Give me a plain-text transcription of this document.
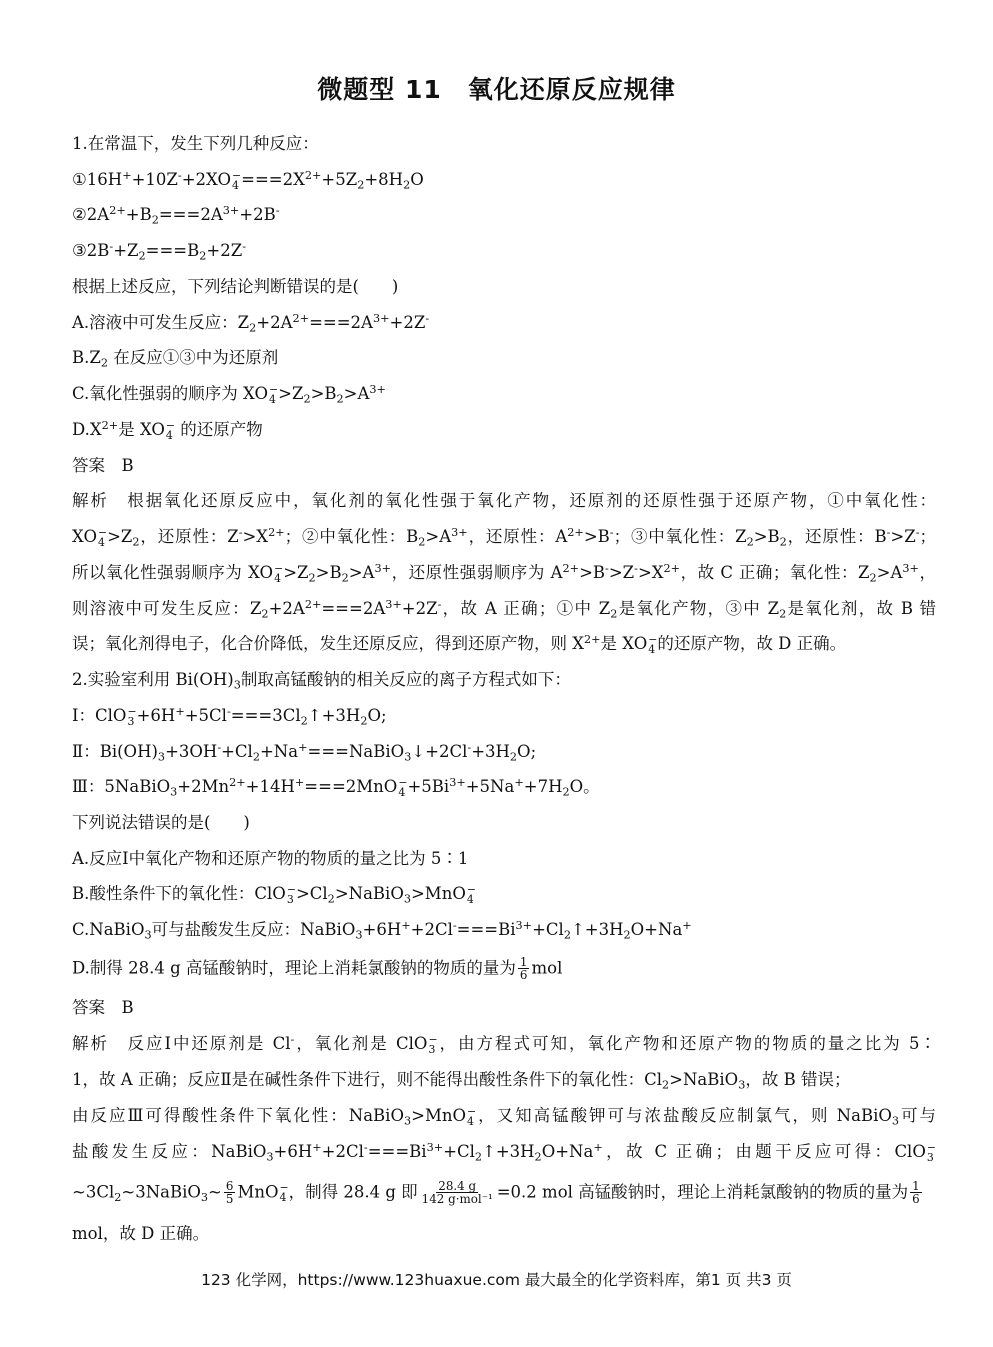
微题型 11　氧化还原反应规律
1.在常温下，发生下列几种反应：
①16H++10Z-+2XO −
$4 ===2X^{2+}+5Z_2+8H_2O$
$②2A^{2+}+B_2===2A^{3+}+2B^-$
$③2B^-+Z_2===B_2+2Z^-$
根据上述反应，下列结论判断错误的是(　　)
A.溶液中可发生反应：$Z_2+2A^{2+}===2A^{3+}+2Z^-$
$B.Z_2$ 在反应①③中为还原剂
C.氧化性强弱的顺序为 XO −
$4 >Z_2>B_2>A^{3+}$
$D.X^{2+}$是 XO −
4 的还原产物
答案　B
解析　根据氧化还原反应中，氧化剂的氧化性强于氧化产物，还原剂的还原性强于还原产物，①中氧化性：
XO −
$4 >Z_2$，还原性：$Z^->X^{2+}$；②中氧化性：$B_2>A^{3+}$，还原性：$A^{2+}>B^-$；③中氧化性：$Z_2>B_2$，还原性：B->Z-；
所以氧化性强弱顺序为 XO −
$4 >Z_2>B_2>A^{3+}$，还原性强弱顺序为 $A^{2+}>B^->Z^->X^{2+}$，故 C 正确；氧化性：$Z_2>A^{3+}$，
则溶液中可发生反应：$Z_2+2A^{2+}===2A^{3+}+2Z^-$，故 A 正确；①中 $Z_2$是氧化产物，③中 $Z_2$是氧化剂，故 B 错
误；氧化剂得电子，化合价降低，发生还原反应，得到还原产物，则 $X^{2+}$是 XO −
4 的还原产物，故 D 正确。
2.实验室利用 $Bi(OH)_3$制取高锰酸钠的相关反应的离子方程式如下：
Ⅰ：ClO −
$3 +6H^++5Cl^-===3Cl_2↑+3H_2O$;
Ⅱ：$Bi(OH)_3+3OH^-+Cl_2+Na^+===NaBiO_3↓+2Cl^-+3H_2O$;
Ⅲ：$5NaBiO_3+2Mn^{2+}+14H^+===2MnO$ −
$4 +5Bi^{3+}+5Na^++7H_2O$。
下列说法错误的是(　　)
A.反应Ⅰ中氧化产物和还原产物的物质的量之比为 5∶1
B.酸性条件下的氧化性：ClO −
$3 >Cl_2>NaBiO_3>MnO$ −
4
C.NaBiO$_3$可与盐酸发生反应：$NaBiO_3+6H^++2Cl^-===Bi^{3+}+Cl_2↑+3H_2O+Na^+$
D.制得 28.4 g 高锰酸钠时，理论上消耗氯酸钠的物质的量为 $\frac{1}{6}$ mol
答案　B
解析　反应Ⅰ中还原剂是 Cl-，氧化剂是 ClO −
3 ，由方程式可知，氧化产物和还原产物的物质的量之比为 5∶
1，故 A 正确；反应Ⅱ是在碱性条件下进行，则不能得出酸性条件下的氧化性：$Cl_2>NaBiO_3$，故 B 错误；
由反应Ⅲ可得酸性条件下氧化性：NaBiO$_3$>MnO −
4 ，又知高锰酸钾可与浓盐酸反应制氯气，则 NaBiO$_3$可与
盐酸发生反应：$NaBiO_3+6H^++2Cl^-===Bi^{3+}+Cl_2↑+3H_2O+Na^+$，故 C 正确；由题干反应可得：ClO −
3
$\sim 3Cl_2\sim 3NaBiO_3\sim \frac{6}{5}$ MnO −
4 ，制得 28.4 g 即 $\frac{28.4 g}{\text{142 g·mol⁻¹}} =0.2$ mol 高锰酸钠时，理论上消耗氯酸钠的物质的量为 $\frac{1}{6}$
mol，故 D 正确。
123 化学网，https://www.123huaxue.com 最大最全的化学资料库，第1 页 共3 页
